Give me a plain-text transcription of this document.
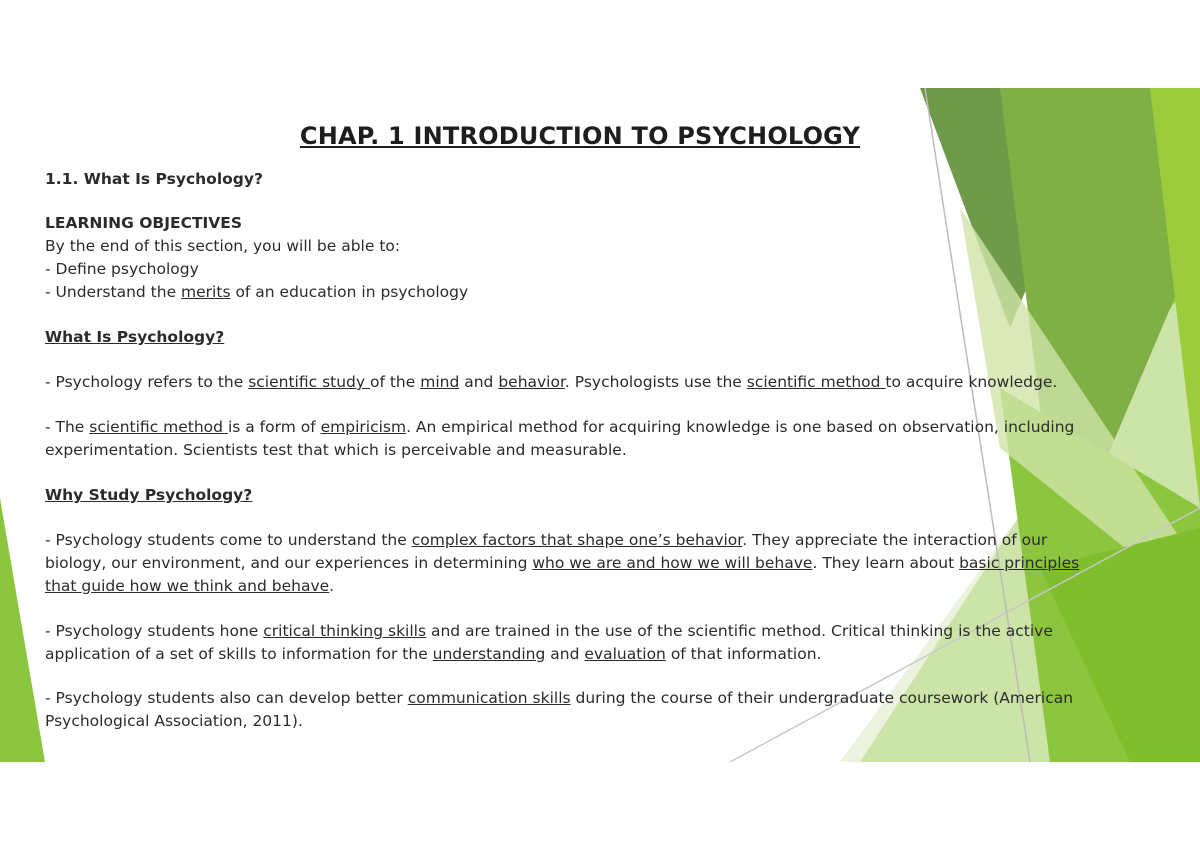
CHAP. 1 INTRODUCTION TO PSYCHOLOGY
1.1. What Is Psychology?
LEARNING OBJECTIVES
By the end of this section, you will be able to:
- Define psychology
- Understand the merits of an education in psychology
What Is Psychology?
- Psychology refers to the scientific study of the mind and behavior. Psychologists use the scientific method to acquire knowledge.
- The scientific method is a form of empiricism. An empirical method for acquiring knowledge is one based on observation, including
experimentation. Scientists test that which is perceivable and measurable.
Why Study Psychology?
- Psychology students come to understand the complex factors that shape one’s behavior. They appreciate the interaction of our
biology, our environment, and our experiences in determining who we are and how we will behave. They learn about basic principles
that guide how we think and behave.
- Psychology students hone critical thinking skills and are trained in the use of the scientific method. Critical thinking is the active
application of a set of skills to information for the understanding and evaluation of that information.
- Psychology students also can develop better communication skills during the course of their undergraduate coursework (American
Psychological Association, 2011).
